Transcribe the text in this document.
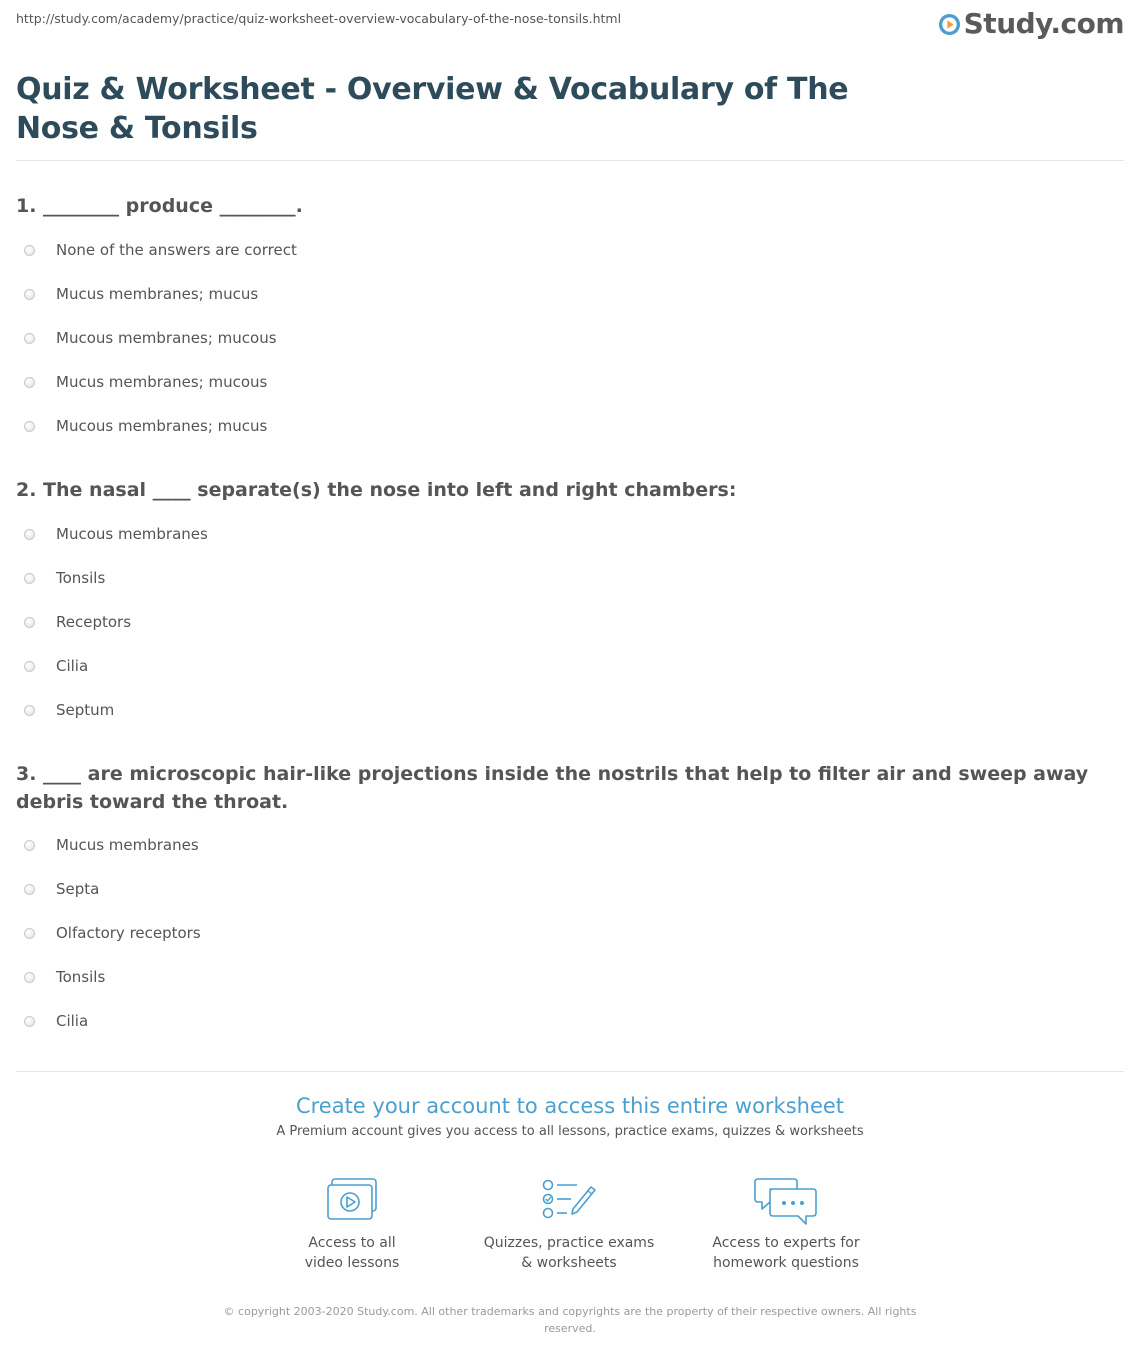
http://study.com/academy/practice/quiz-worksheet-overview-vocabulary-of-the-nose-tonsils.html	Study.com
Quiz & Worksheet - Overview & Vocabulary of The Nose & Tonsils
1. ________ produce ________.
None of the answers are correct
Mucus membranes; mucus
Mucous membranes; mucous
Mucus membranes; mucous
Mucous membranes; mucus
2. The nasal ____ separate(s) the nose into left and right chambers:
Mucous membranes
Tonsils
Receptors
Cilia
Septum
3. ____ are microscopic hair-like projections inside the nostrils that help to filter air and sweep away debris toward the throat.
Mucus membranes
Septa
Olfactory receptors
Tonsils
Cilia
Create your account to access this entire worksheet
A Premium account gives you access to all lessons, practice exams, quizzes & worksheets
Access to all
video lessons
Quizzes, practice exams
& worksheets
Access to experts for
homework questions
© copyright 2003-2020 Study.com. All other trademarks and copyrights are the property of their respective owners. All rights reserved.
